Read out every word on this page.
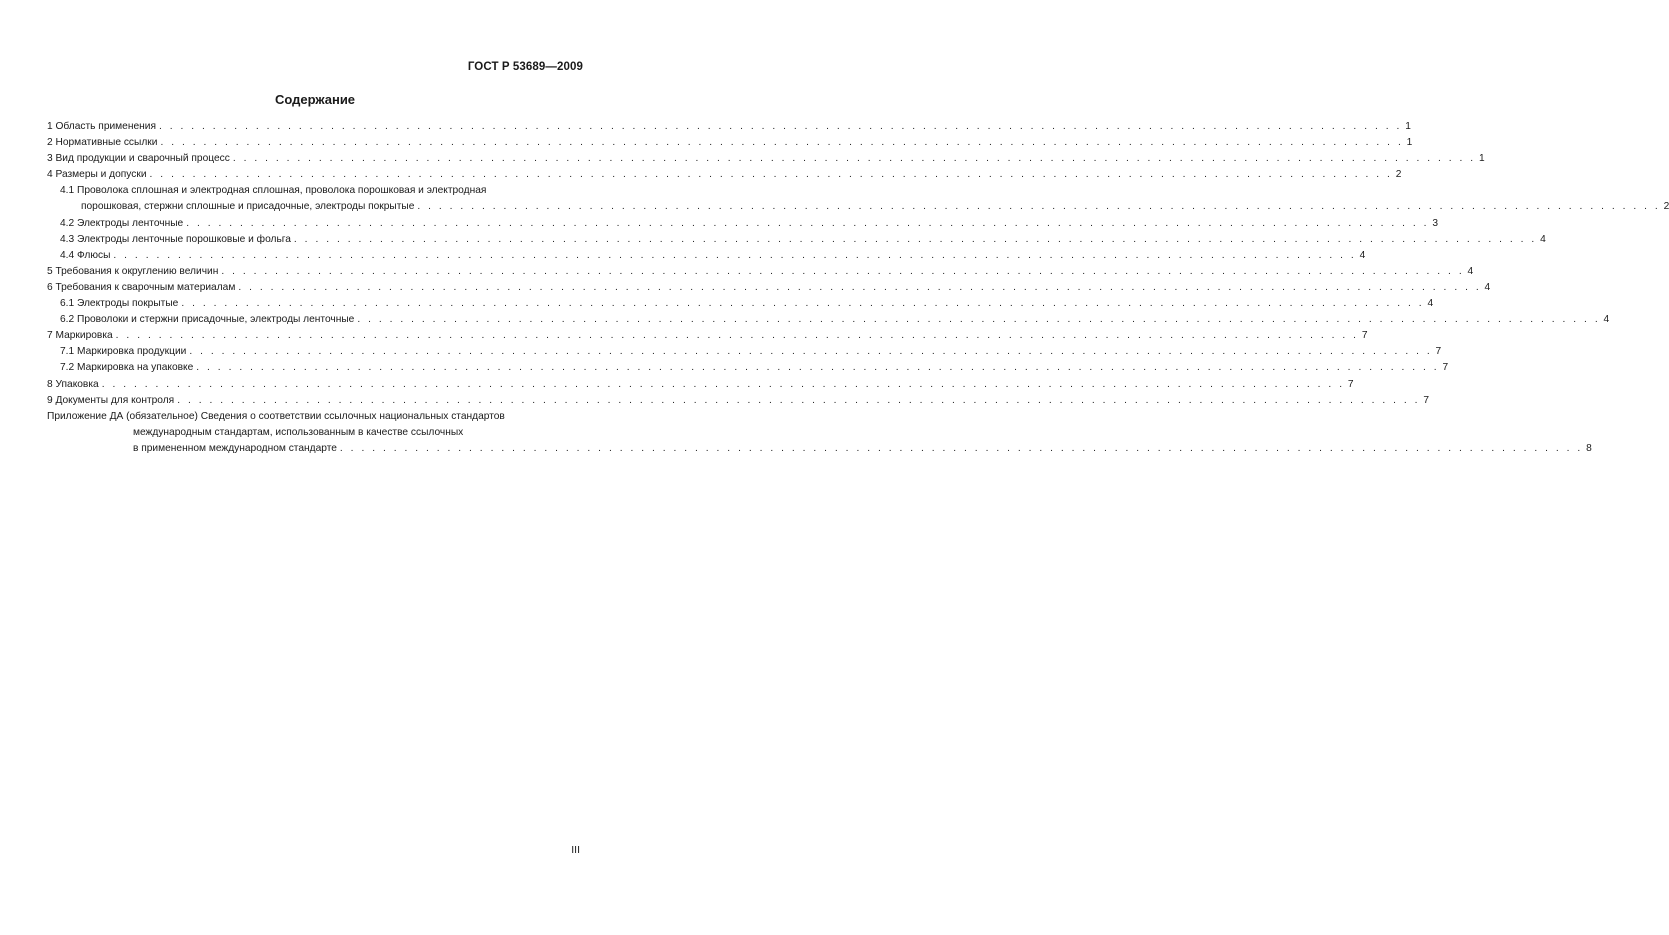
ГОСТ Р 53689—2009
Содержание
1 Область применения . . . . . . . . . . . . . . . . . . . . . . . . . . . . . . . . . . . . . . . . . . . . . . . . . . . . . . . . . . . . . . . . . . . . . . . . . . . . . . . . . . . . . . . . . . . . . . . . . . . . . . . . . . . . . . . . . . . . 1
2 Нормативные ссылки . . . . . . . . . . . . . . . . . . . . . . . . . . . . . . . . . . . . . . . . . . . . . . . . . . . . . . . . . . . . . . . . . . . . . . . . . . . . . . . . . . . . . . . . . . . . . . . . . . . . . . . . . . . . . . . . . . . . 1
3 Вид продукции и сварочный процесс . . . . . . . . . . . . . . . . . . . . . . . . . . . . . . . . . . . . . . . . . . . . . . . . . . . . . . . . . . . . . . . . . . . . . . . . . . . . . . . . . . . . . . . . . . . . . . . . . . . . . . . . . . . . . . . . . . . . 1
4 Размеры и допуски . . . . . . . . . . . . . . . . . . . . . . . . . . . . . . . . . . . . . . . . . . . . . . . . . . . . . . . . . . . . . . . . . . . . . . . . . . . . . . . . . . . . . . . . . . . . . . . . . . . . . . . . . . . . . . . . . . . . 2
4.1 Проволока сплошная и электродная сплошная, проволока порошковая и электродная
порошковая, стержни сплошные и присадочные, электроды покрытые . . . . . . . . . . . . . . . . . . . . . . . . . . . . . . . . . . . . . . . . . . . . . . . . . . . . . . . . . . . . . . . . . . . . . . . . . . . . . . . . . . . . . . . . . . . . . . . . . . . . . . . . . . . . . . . . . . . . 2
4.2 Электроды ленточные . . . . . . . . . . . . . . . . . . . . . . . . . . . . . . . . . . . . . . . . . . . . . . . . . . . . . . . . . . . . . . . . . . . . . . . . . . . . . . . . . . . . . . . . . . . . . . . . . . . . . . . . . . . . . . . . . . . . 3
4.3 Электроды ленточные порошковые и фольга . . . . . . . . . . . . . . . . . . . . . . . . . . . . . . . . . . . . . . . . . . . . . . . . . . . . . . . . . . . . . . . . . . . . . . . . . . . . . . . . . . . . . . . . . . . . . . . . . . . . . . . . . . . . . . . . . . . . 4
4.4 Флюсы . . . . . . . . . . . . . . . . . . . . . . . . . . . . . . . . . . . . . . . . . . . . . . . . . . . . . . . . . . . . . . . . . . . . . . . . . . . . . . . . . . . . . . . . . . . . . . . . . . . . . . . . . . . . . . . . . . . . 4
5 Требования к округлению величин . . . . . . . . . . . . . . . . . . . . . . . . . . . . . . . . . . . . . . . . . . . . . . . . . . . . . . . . . . . . . . . . . . . . . . . . . . . . . . . . . . . . . . . . . . . . . . . . . . . . . . . . . . . . . . . . . . . . 4
6 Требования к сварочным материалам . . . . . . . . . . . . . . . . . . . . . . . . . . . . . . . . . . . . . . . . . . . . . . . . . . . . . . . . . . . . . . . . . . . . . . . . . . . . . . . . . . . . . . . . . . . . . . . . . . . . . . . . . . . . . . . . . . . . 4
6.1 Электроды покрытые . . . . . . . . . . . . . . . . . . . . . . . . . . . . . . . . . . . . . . . . . . . . . . . . . . . . . . . . . . . . . . . . . . . . . . . . . . . . . . . . . . . . . . . . . . . . . . . . . . . . . . . . . . . . . . . . . . . . 4
6.2 Проволоки и стержни присадочные, электроды ленточные . . . . . . . . . . . . . . . . . . . . . . . . . . . . . . . . . . . . . . . . . . . . . . . . . . . . . . . . . . . . . . . . . . . . . . . . . . . . . . . . . . . . . . . . . . . . . . . . . . . . . . . . . . . . . . . . . . . . 4
7 Маркировка . . . . . . . . . . . . . . . . . . . . . . . . . . . . . . . . . . . . . . . . . . . . . . . . . . . . . . . . . . . . . . . . . . . . . . . . . . . . . . . . . . . . . . . . . . . . . . . . . . . . . . . . . . . . . . . . . . . . 7
7.1 Маркировка продукции . . . . . . . . . . . . . . . . . . . . . . . . . . . . . . . . . . . . . . . . . . . . . . . . . . . . . . . . . . . . . . . . . . . . . . . . . . . . . . . . . . . . . . . . . . . . . . . . . . . . . . . . . . . . . . . . . . . . 7
7.2 Маркировка на упаковке . . . . . . . . . . . . . . . . . . . . . . . . . . . . . . . . . . . . . . . . . . . . . . . . . . . . . . . . . . . . . . . . . . . . . . . . . . . . . . . . . . . . . . . . . . . . . . . . . . . . . . . . . . . . . . . . . . . . 7
8 Упаковка . . . . . . . . . . . . . . . . . . . . . . . . . . . . . . . . . . . . . . . . . . . . . . . . . . . . . . . . . . . . . . . . . . . . . . . . . . . . . . . . . . . . . . . . . . . . . . . . . . . . . . . . . . . . . . . . . . . . 7
9 Документы для контроля . . . . . . . . . . . . . . . . . . . . . . . . . . . . . . . . . . . . . . . . . . . . . . . . . . . . . . . . . . . . . . . . . . . . . . . . . . . . . . . . . . . . . . . . . . . . . . . . . . . . . . . . . . . . . . . . . . . . 7
Приложение ДА (обязательное) Сведения о соответствии ссылочных национальных стандартов
международным стандартам, использованным в качестве ссылочных
в примененном международном стандарте . . . . . . . . . . . . . . . . . . . . . . . . . . . . . . . . . . . . . . . . . . . . . . . . . . . . . . . . . . . . . . . . . . . . . . . . . . . . . . . . . . . . . . . . . . . . . . . . . . . . . . . . . . . . . . . . . . . . 8
III
